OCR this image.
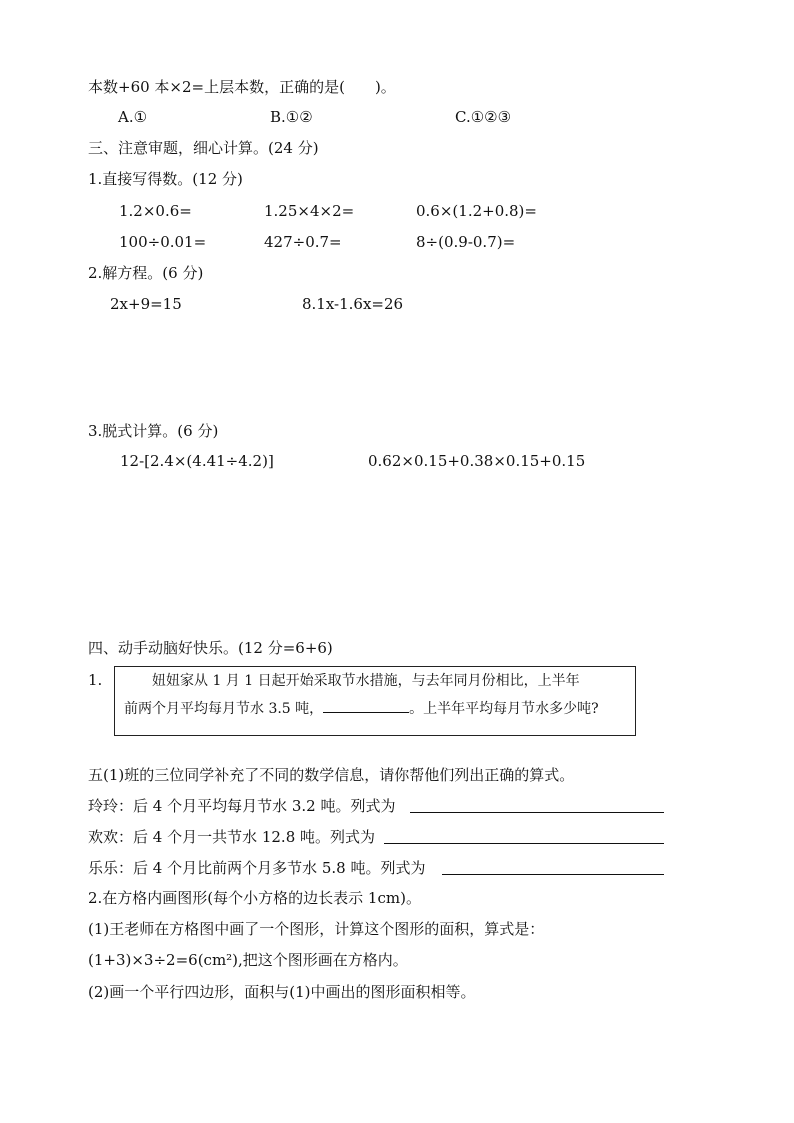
本数+60 本×2=上层本数，正确的是(　　)。
A.①	B.①②	C.①②③
三、注意审题，细心计算。(24 分)
1.直接写得数。(12 分)
1.2×0.6=	1.25×4×2=	0.6×(1.2+0.8)=
100÷0.01=	427÷0.7=	8÷(0.9-0.7)=
2.解方程。(6 分)
2x+9=15	8.1x-1.6x=26
3.脱式计算。(6 分)
12-[2.4×(4.41÷4.2)]	0.62×0.15+0.38×0.15+0.15
四、动手动脑好快乐。(12 分=6+6)
1.	妞妞家从 1 月 1 日起开始采取节水措施，与去年同月份相比，上半年
前两个月平均每月节水 3.5 吨，	。上半年平均每月节水多少吨?
五(1)班的三位同学补充了不同的数学信息，请你帮他们列出正确的算式。
玲玲：后 4 个月平均每月节水 3.2 吨。列式为
欢欢：后 4 个月一共节水 12.8 吨。列式为
乐乐：后 4 个月比前两个月多节水 5.8 吨。列式为
2.在方格内画图形(每个小方格的边长表示 1cm)。
(1)王老师在方格图中画了一个图形，计算这个图形的面积，算式是：
(1+3)×3÷2=6(cm²),把这个图形画在方格内。
(2)画一个平行四边形，面积与(1)中画出的图形面积相等。
